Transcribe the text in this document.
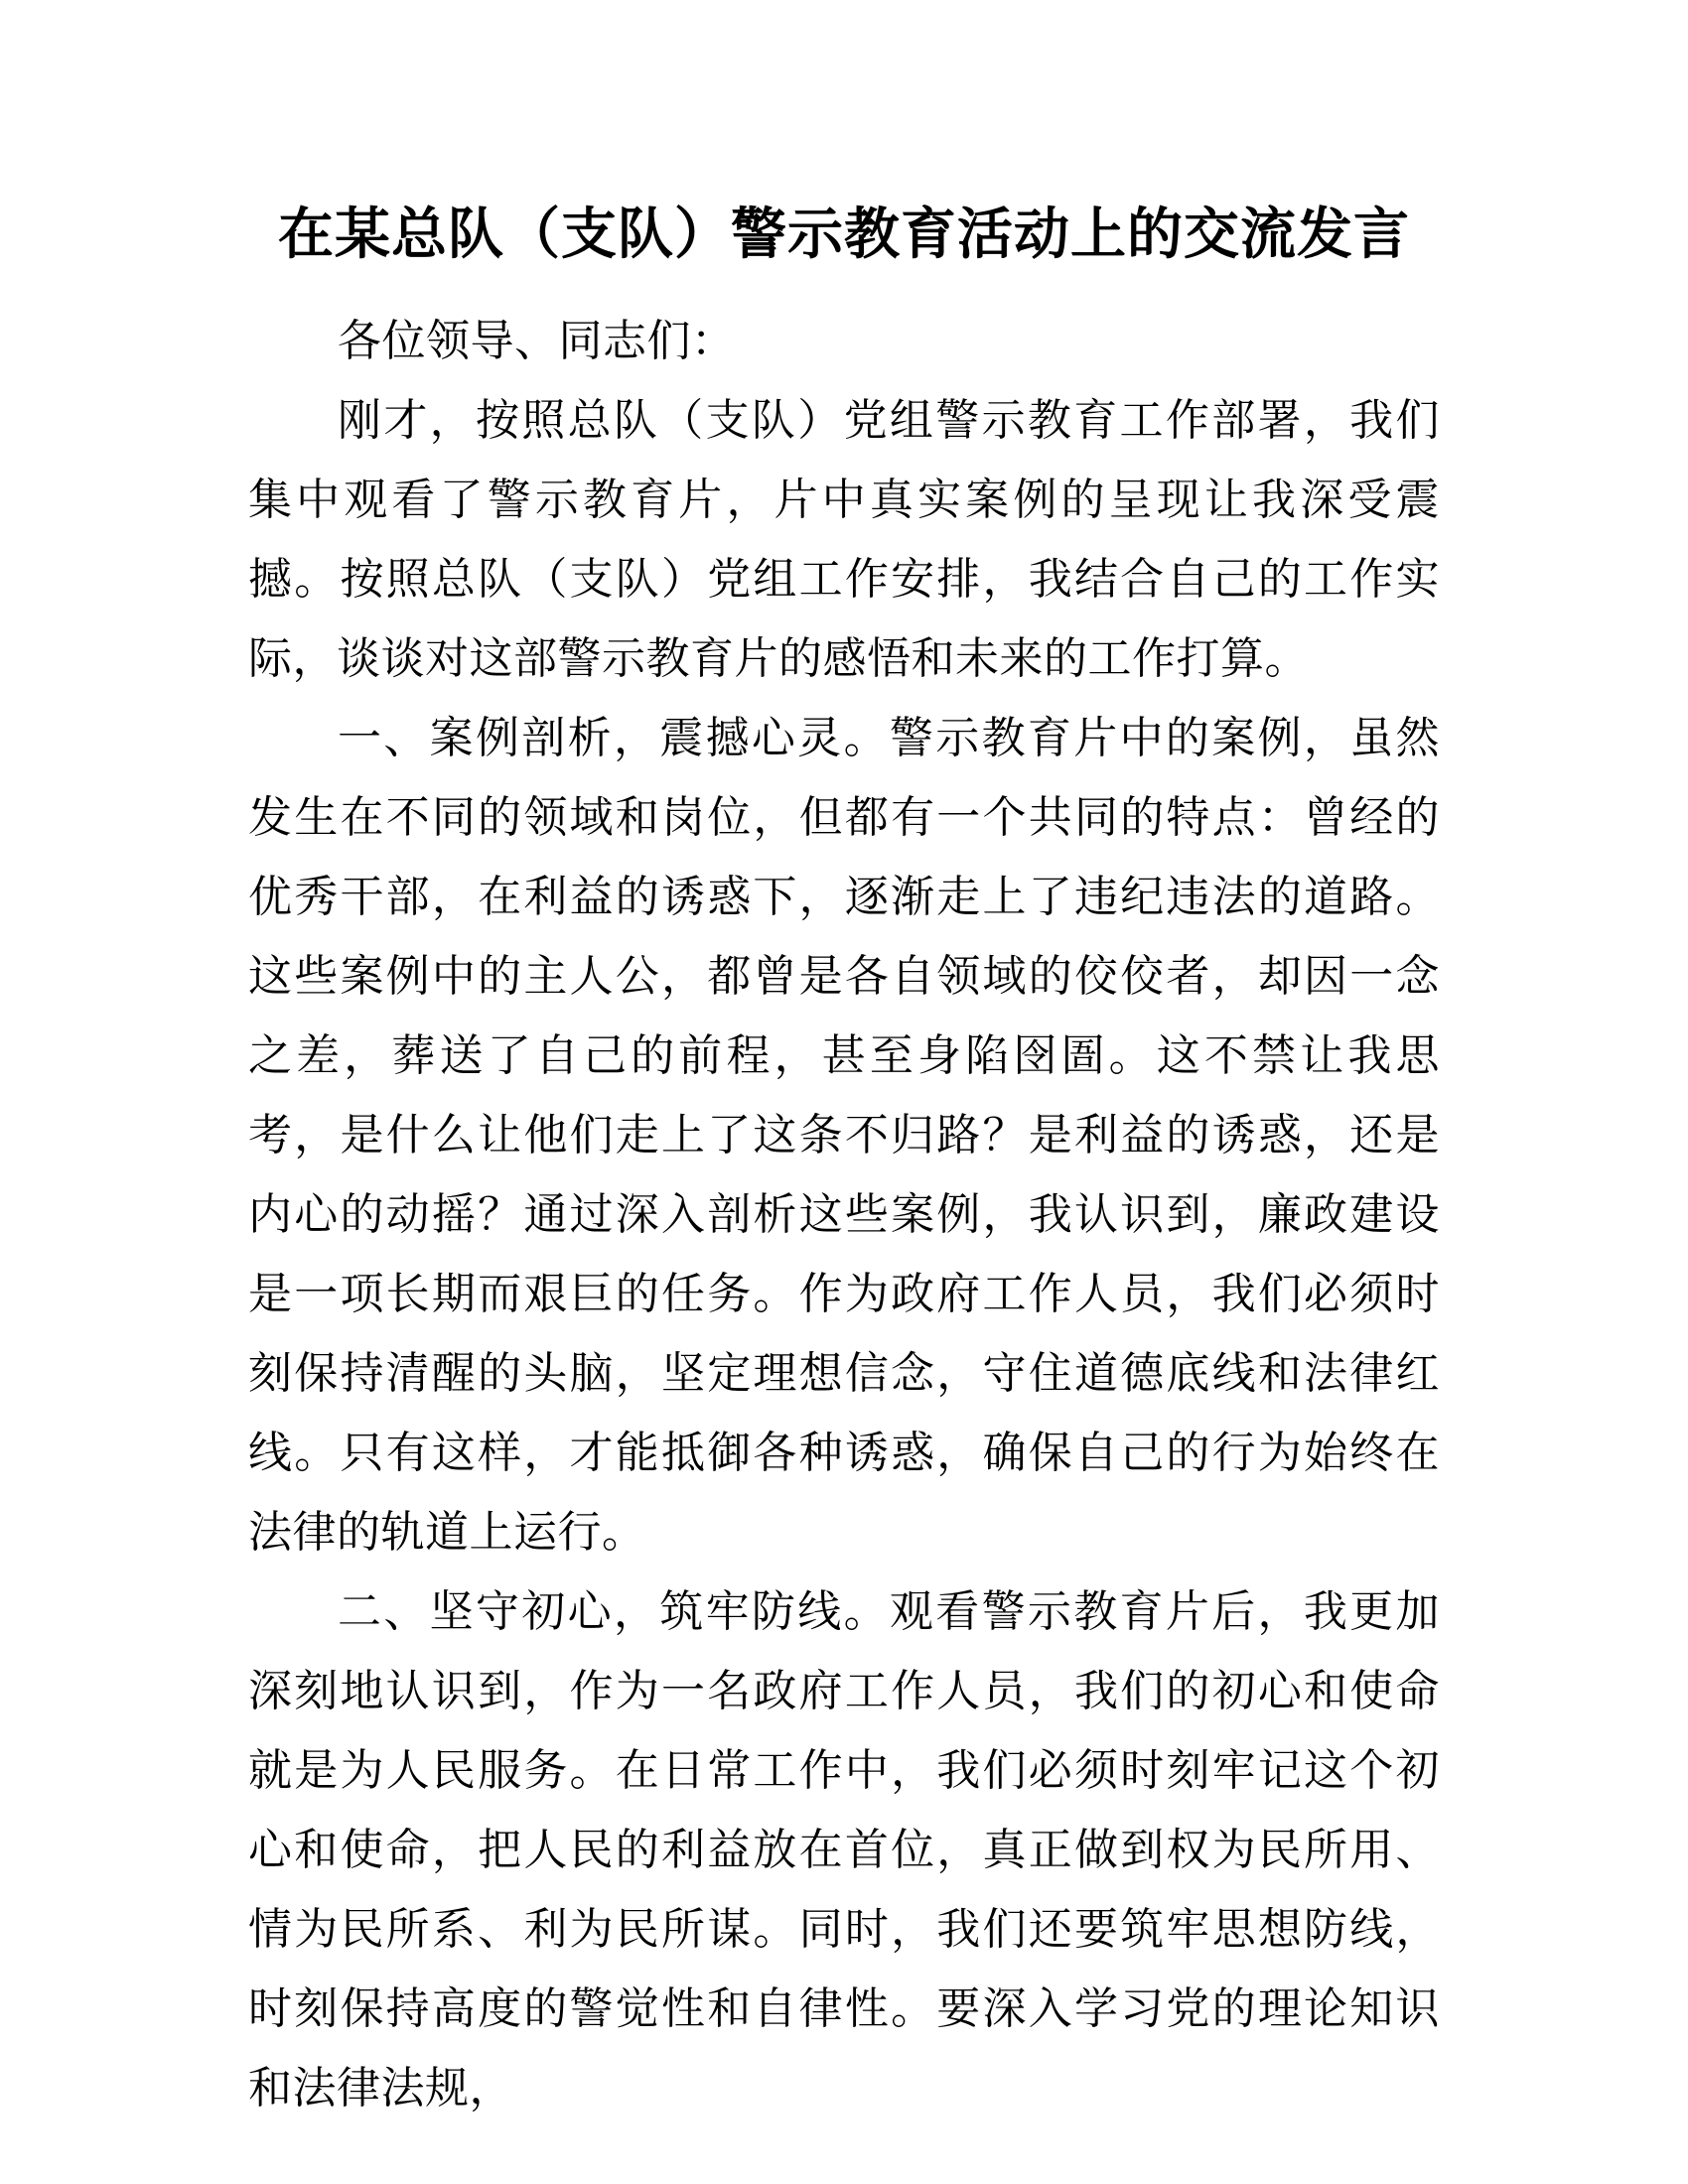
在某总队（支队）警示教育活动上的交流发言

各位领导、同志们：

刚才，按照总队（支队）党组警示教育工作部署，我们集中观看了警示教育片，片中真实案例的呈现让我深受震撼。按照总队（支队）党组工作安排，我结合自己的工作实际，谈谈对这部警示教育片的感悟和未来的工作打算。

一、案例剖析，震撼心灵。警示教育片中的案例，虽然发生在不同的领域和岗位，但都有一个共同的特点：曾经的优秀干部，在利益的诱惑下，逐渐走上了违纪违法的道路。这些案例中的主人公，都曾是各自领域的佼佼者，却因一念之差，葬送了自己的前程，甚至身陷囹圄。这不禁让我思考，是什么让他们走上了这条不归路？是利益的诱惑，还是内心的动摇？通过深入剖析这些案例，我认识到，廉政建设是一项长期而艰巨的任务。作为政府工作人员，我们必须时刻保持清醒的头脑，坚定理想信念，守住道德底线和法律红线。只有这样，才能抵御各种诱惑，确保自己的行为始终在法律的轨道上运行。

二、坚守初心，筑牢防线。观看警示教育片后，我更加深刻地认识到，作为一名政府工作人员，我们的初心和使命就是为人民服务。在日常工作中，我们必须时刻牢记这个初心和使命，把人民的利益放在首位，真正做到权为民所用、情为民所系、利为民所谋。同时，我们还要筑牢思想防线，时刻保持高度的警觉性和自律性。要深入学习党的理论知识和法律法规，
